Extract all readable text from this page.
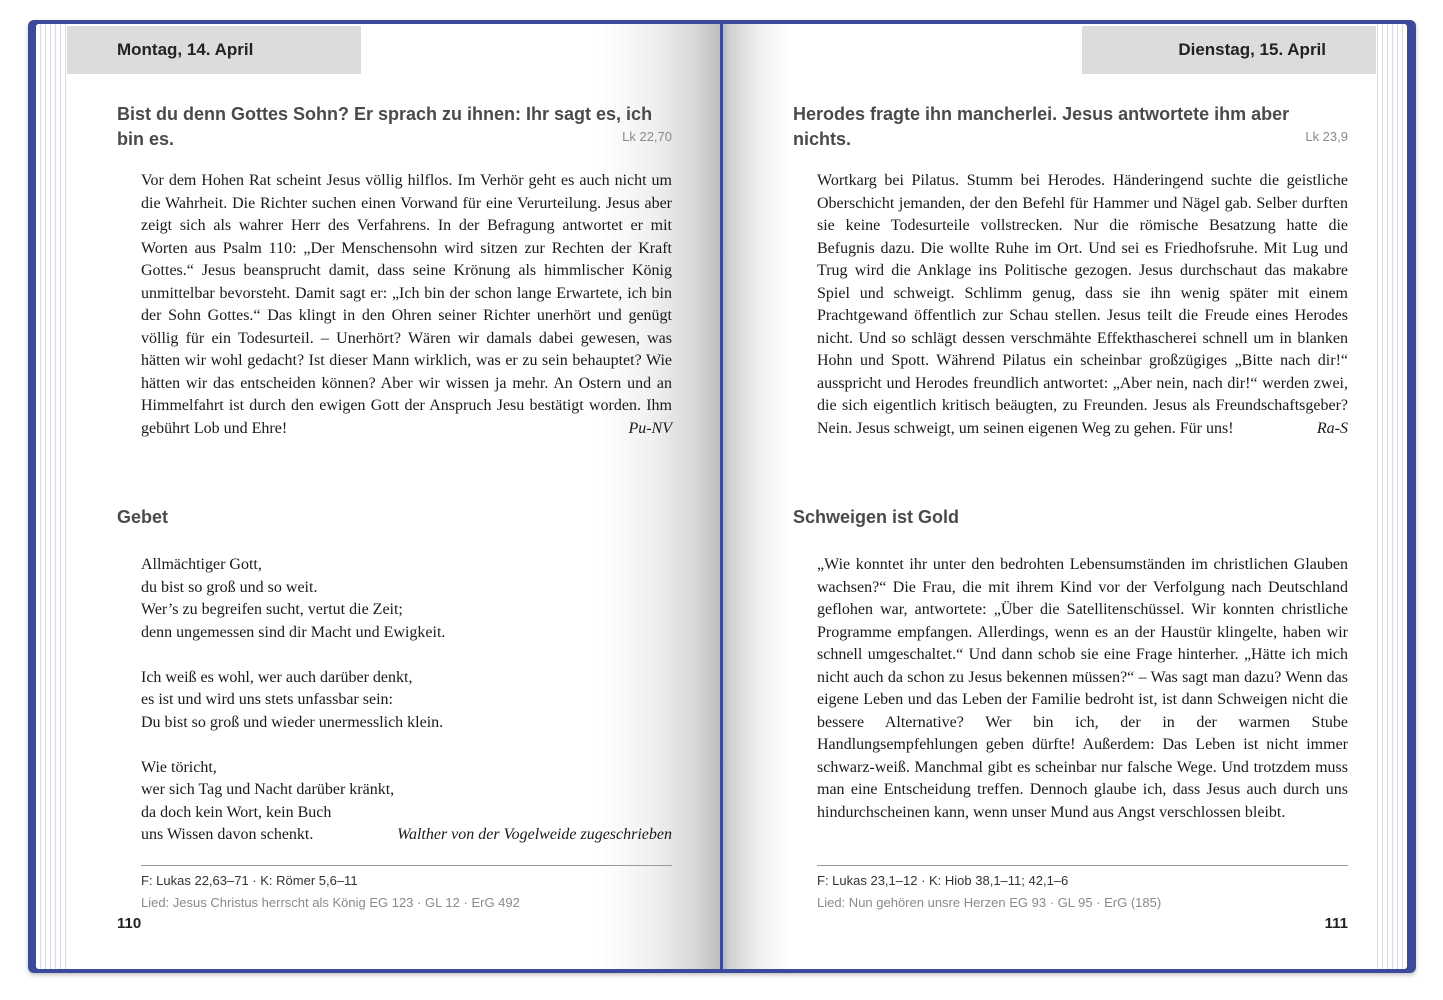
Montag, 14. April
Bist du denn Gottes Sohn? Er sprach zu ihnen: Ihr sagt es, ich bin es.	Lk 22,70
Vor dem Hohen Rat scheint Jesus völlig hilflos. Im Verhör geht es auch nicht um die Wahrheit. Die Richter suchen einen Vorwand für eine Verurteilung. Jesus aber zeigt sich als wahrer Herr des Verfahrens. In der Befragung antwortet er mit Worten aus Psalm 110: „Der Menschensohn wird sitzen zur Rechten der Kraft Gottes.“ Jesus beansprucht damit, dass seine Krönung als himmlischer König unmittelbar bevorsteht. Damit sagt er: „Ich bin der schon lange Erwartete, ich bin der Sohn Gottes.“ Das klingt in den Ohren seiner Richter unerhört und genügt völlig für ein Todesurteil. – Unerhört? Wären wir damals dabei gewesen, was hätten wir wohl gedacht? Ist dieser Mann wirklich, was er zu sein behauptet? Wie hätten wir das entscheiden können? Aber wir wissen ja mehr. An Ostern und an Himmelfahrt ist durch den ewigen Gott der Anspruch Jesu bestätigt worden. Ihm gebührt Lob und Ehre!	Pu-NV
Gebet
Allmächtiger Gott,
du bist so groß und so weit.
Wer’s zu begreifen sucht, vertut die Zeit;
denn ungemessen sind dir Macht und Ewigkeit.
Ich weiß es wohl, wer auch darüber denkt,
es ist und wird uns stets unfassbar sein:
Du bist so groß und wieder unermesslich klein.
Wie töricht,
wer sich Tag und Nacht darüber kränkt,
da doch kein Wort, kein Buch
uns Wissen davon schenkt.	Walther von der Vogelweide zugeschrieben
F: Lukas 22,63–71 · K: Römer 5,6–11
Lied: Jesus Christus herrscht als König EG 123 · GL 12 · ErG 492
110
Dienstag, 15. April
Herodes fragte ihn mancherlei. Jesus antwortete ihm aber nichts.	Lk 23,9
Wortkarg bei Pilatus. Stumm bei Herodes. Händeringend suchte die geistliche Oberschicht jemanden, der den Befehl für Hammer und Nägel gab. Selber durften sie keine Todesurteile vollstrecken. Nur die römische Besatzung hatte die Befugnis dazu. Die wollte Ruhe im Ort. Und sei es Friedhofsruhe. Mit Lug und Trug wird die Anklage ins Politische gezogen. Jesus durchschaut das makabre Spiel und schweigt. Schlimm genug, dass sie ihn wenig später mit einem Prachtgewand öffentlich zur Schau stellen. Jesus teilt die Freude eines Herodes nicht. Und so schlägt dessen verschmähte Effekthascherei schnell um in blanken Hohn und Spott. Während Pilatus ein scheinbar großzügiges „Bitte nach dir!“ ausspricht und Herodes freundlich antwortet: „Aber nein, nach dir!“ werden zwei, die sich eigentlich kritisch beäugten, zu Freunden. Jesus als Freundschaftsgeber? Nein. Jesus schweigt, um seinen eigenen Weg zu gehen. Für uns!	Ra-S
Schweigen ist Gold
„Wie konntet ihr unter den bedrohten Lebensumständen im christlichen Glauben wachsen?“ Die Frau, die mit ihrem Kind vor der Verfolgung nach Deutschland geflohen war, antwortete: „Über die Satellitenschüssel. Wir konnten christliche Programme empfangen. Allerdings, wenn es an der Haustür klingelte, haben wir schnell umgeschaltet.“ Und dann schob sie eine Frage hinterher. „Hätte ich mich nicht auch da schon zu Jesus bekennen müssen?“ – Was sagt man dazu? Wenn das eigene Leben und das Leben der Familie bedroht ist, ist dann Schweigen nicht die bessere Alternative? Wer bin ich, der in der warmen Stube Handlungsempfehlungen geben dürfte! Außerdem: Das Leben ist nicht immer schwarz-weiß. Manchmal gibt es scheinbar nur falsche Wege. Und trotzdem muss man eine Entscheidung treffen. Dennoch glaube ich, dass Jesus auch durch uns hindurchscheinen kann, wenn unser Mund aus Angst verschlossen bleibt.
F: Lukas 23,1–12 · K: Hiob 38,1–11; 42,1–6
Lied: Nun gehören unsre Herzen EG 93 · GL 95 · ErG (185)
111
